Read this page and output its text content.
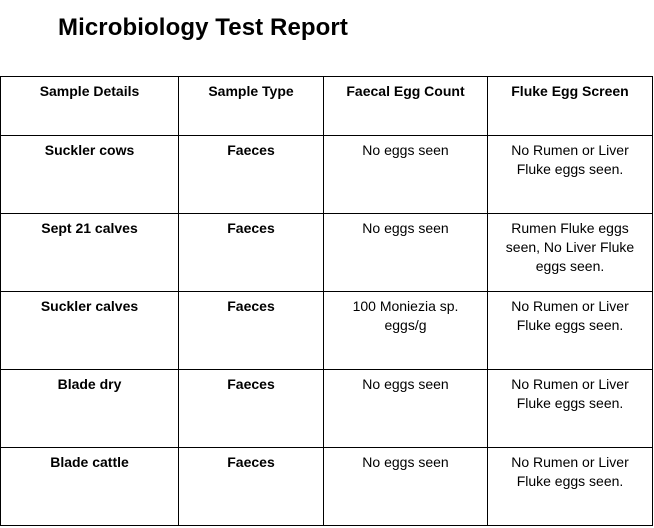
Microbiology Test Report
Sample Details	Sample Type	Faecal Egg Count	Fluke Egg Screen
Suckler cows	Faeces	No eggs seen	No Rumen or Liver Fluke eggs seen.
Sept 21 calves	Faeces	No eggs seen	Rumen Fluke eggs seen, No Liver Fluke eggs seen.
Suckler calves	Faeces	100 Moniezia sp. eggs/g	No Rumen or Liver Fluke eggs seen.
Blade dry	Faeces	No eggs seen	No Rumen or Liver Fluke eggs seen.
Blade cattle	Faeces	No eggs seen	No Rumen or Liver Fluke eggs seen.
